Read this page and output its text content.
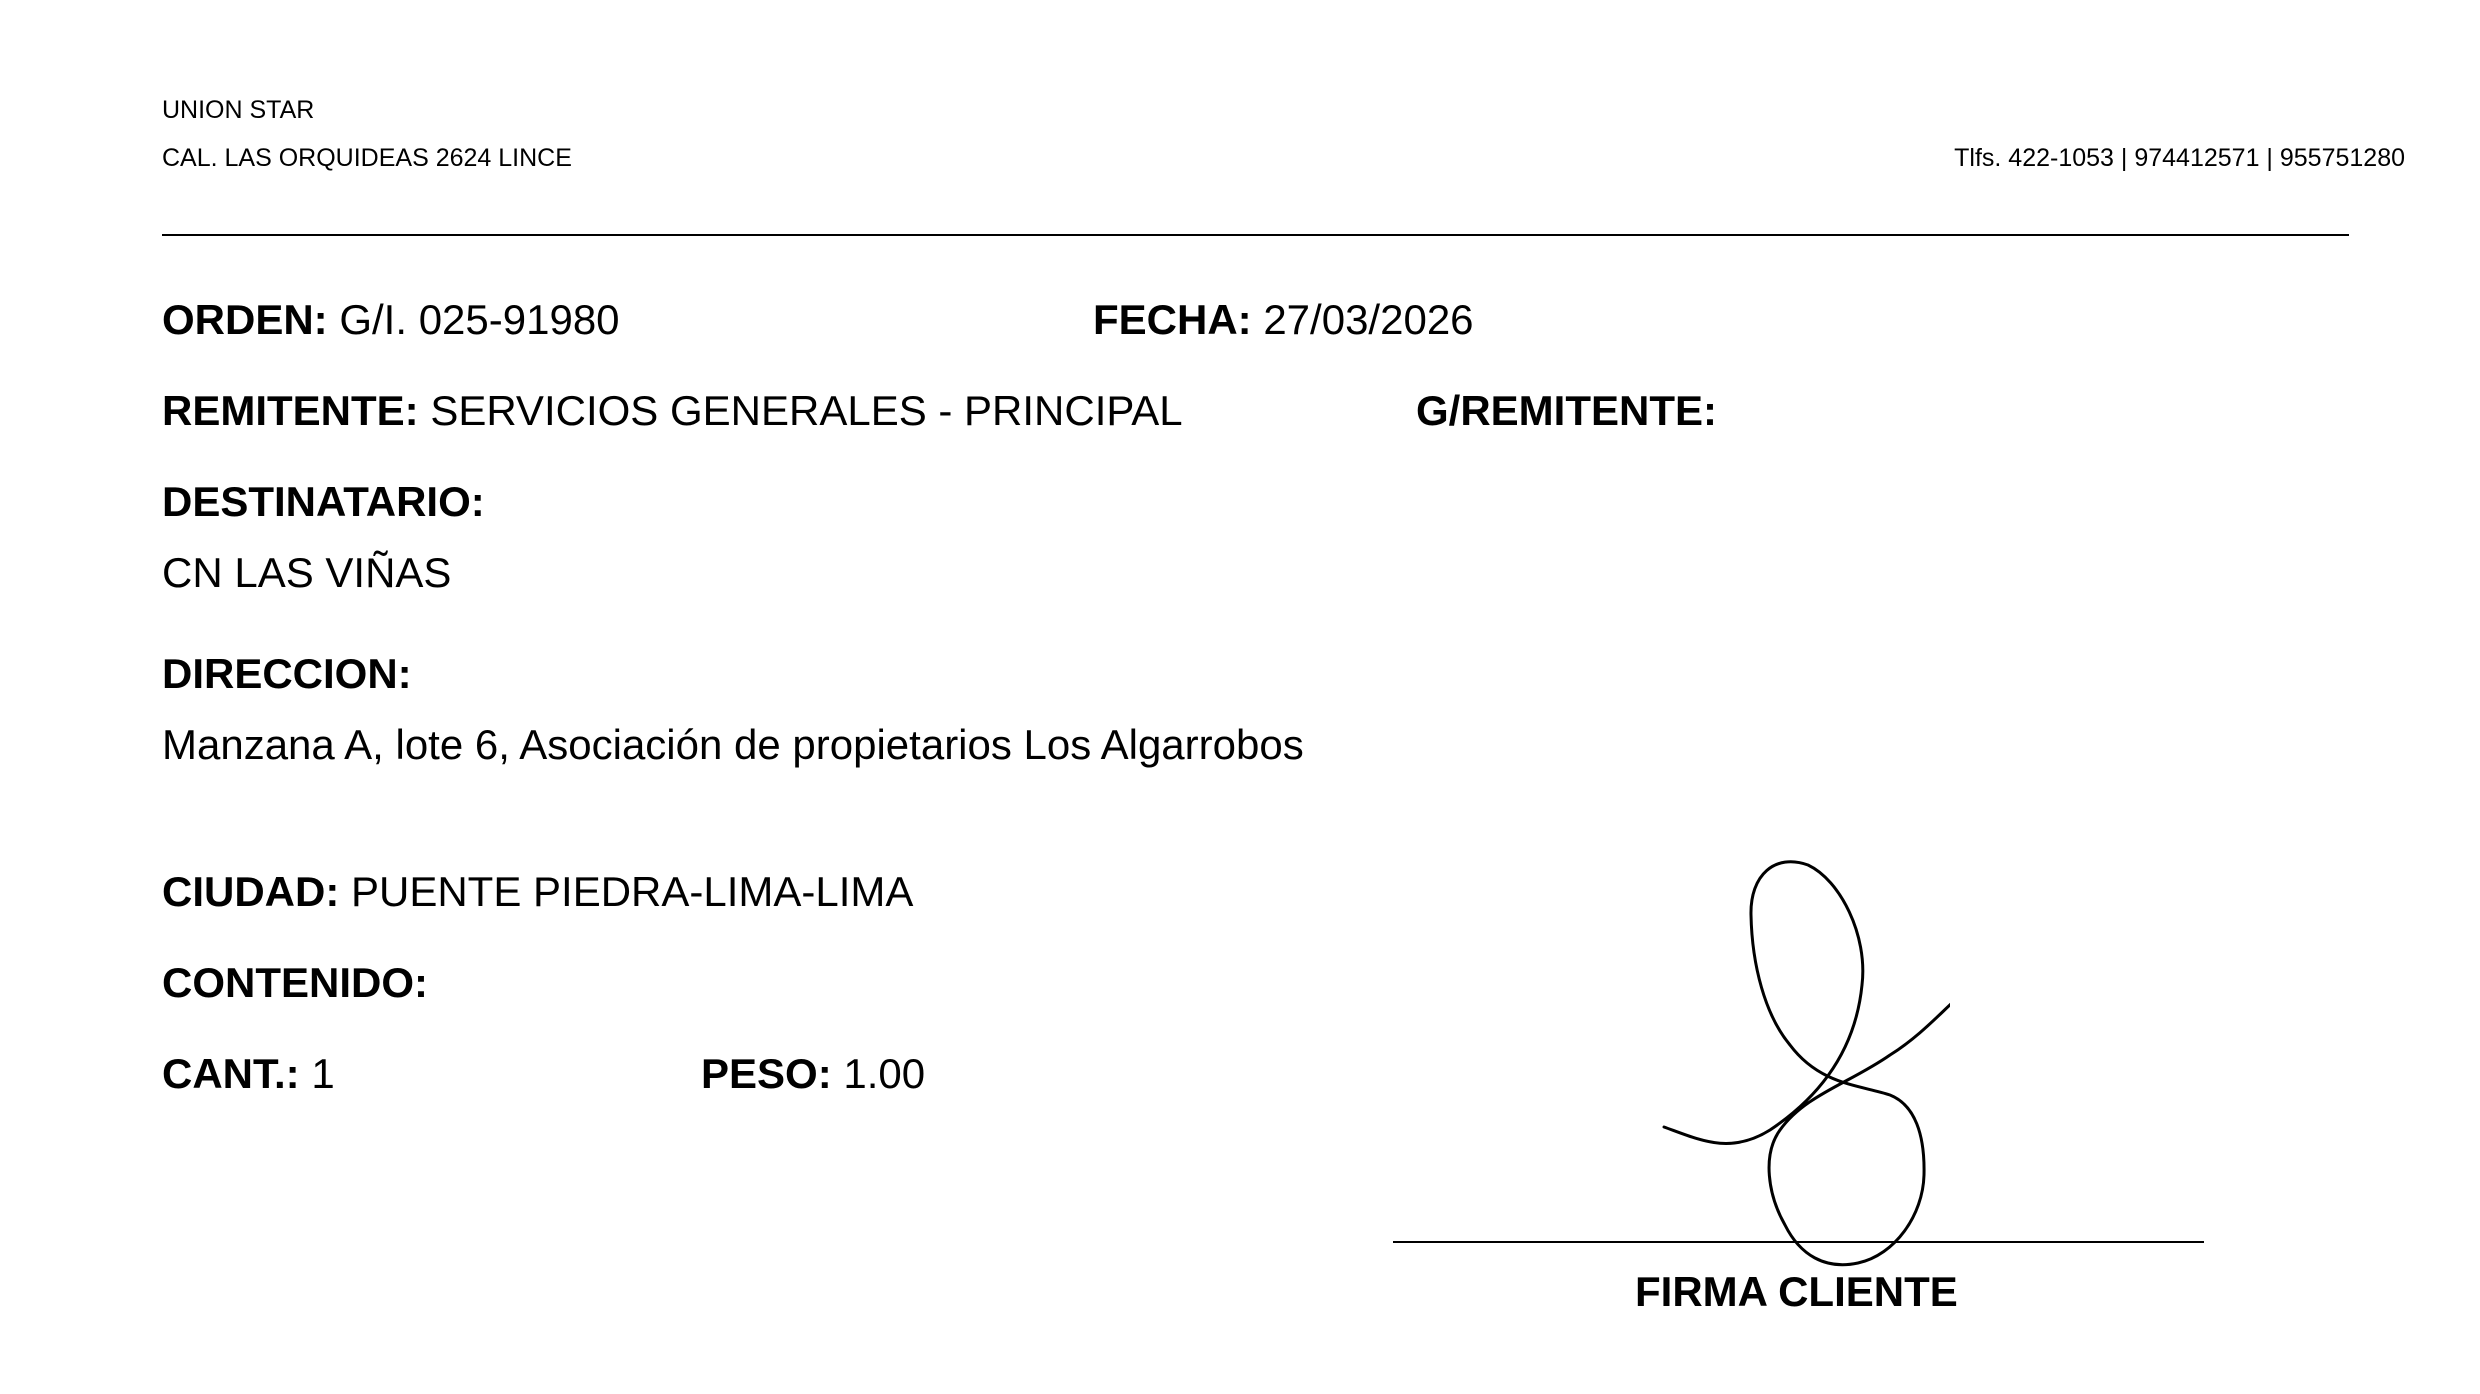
UNION STAR
CAL. LAS ORQUIDEAS 2624 LINCE	Tlfs. 422-1053 | 974412571 | 955751280
ORDEN: G/I. 025-91980	FECHA: 27/03/2026
REMITENTE: SERVICIOS GENERALES - PRINCIPAL	G/REMITENTE:
DESTINATARIO:
CN LAS VIÑAS
DIRECCION:
Manzana A, lote 6, Asociación de propietarios Los Algarrobos
CIUDAD: PUENTE PIEDRA-LIMA-LIMA
CONTENIDO:
CANT.: 1	PESO: 1.00
FIRMA CLIENTE
